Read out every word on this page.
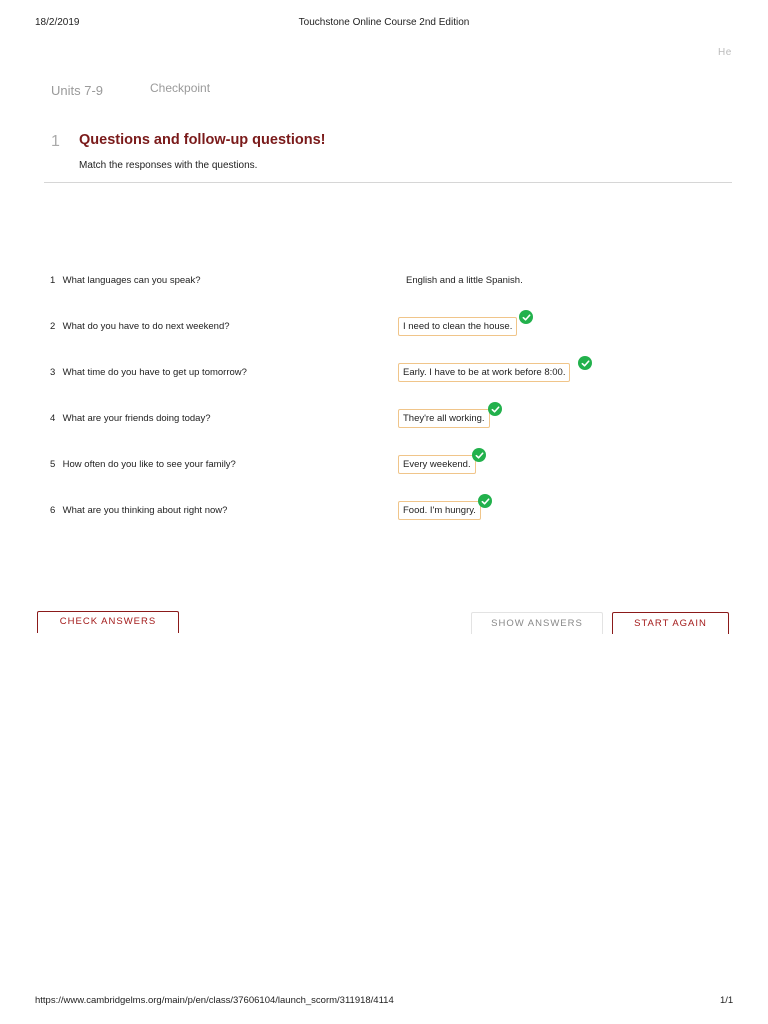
18/2/2019	Touchstone Online Course 2nd Edition
He
Units 7-9	Checkpoint
1 Questions and follow-up questions!
Match the responses with the questions.
1 What languages can you speak?	English and a little Spanish.
2 What do you have to do next weekend?	I need to clean the house.
3 What time do you have to get up tomorrow?	Early. I have to be at work before 8:00.
4 What are your friends doing today?	They're all working.
5 How often do you like to see your family?	Every weekend.
6 What are you thinking about right now?	Food. I'm hungry.
CHECK ANSWERS	SHOW ANSWERS	START AGAIN
https://www.cambridgelms.org/main/p/en/class/37606104/launch_scorm/311918/4114	1/1
